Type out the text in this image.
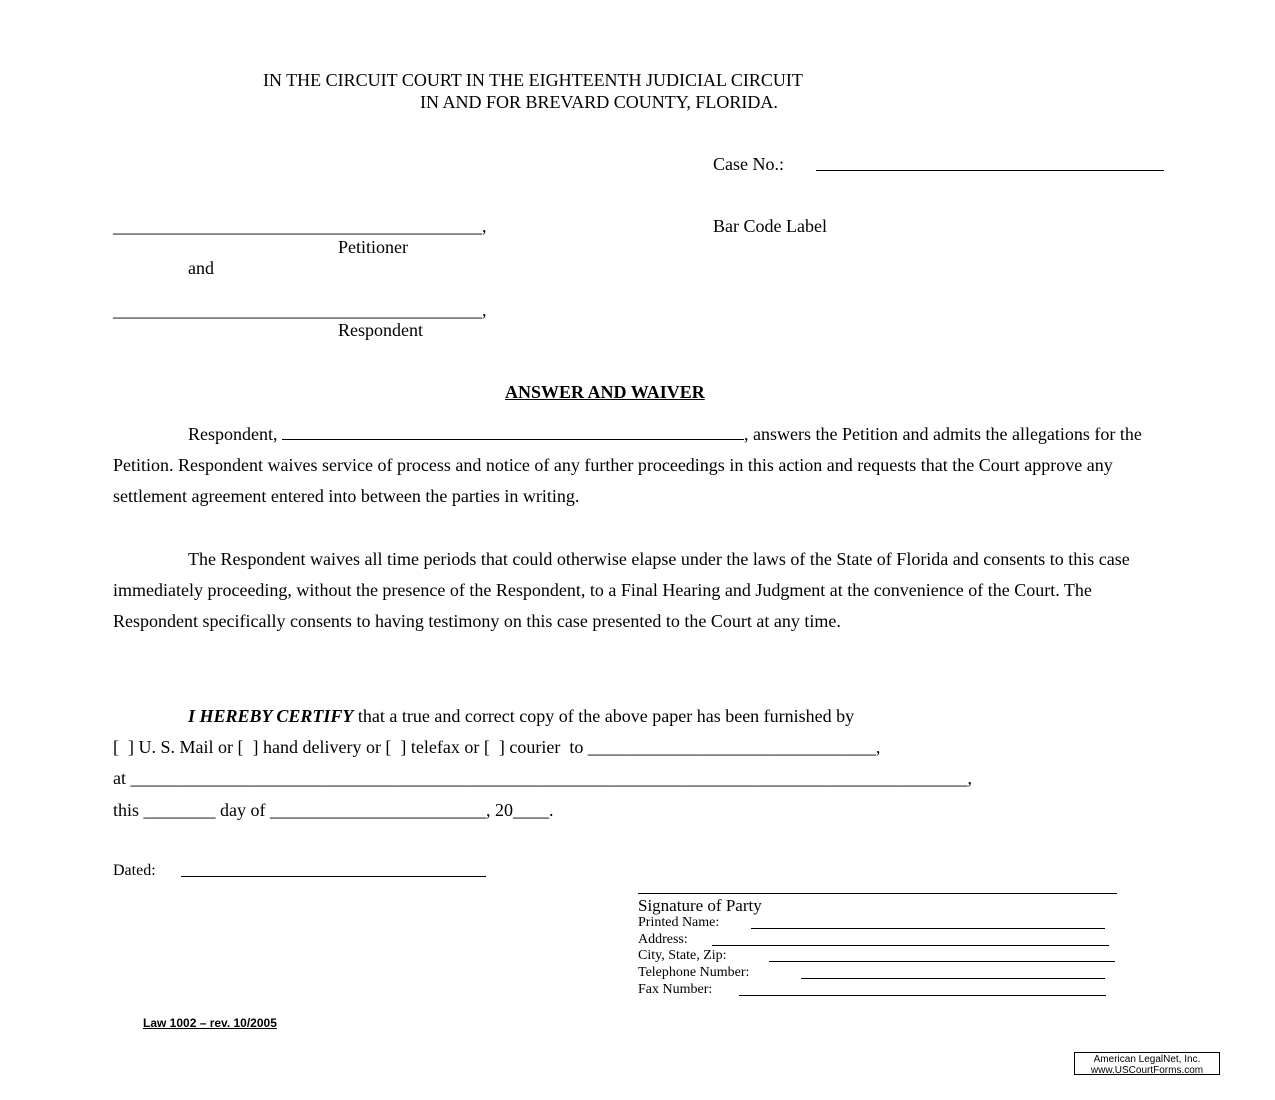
IN THE CIRCUIT COURT IN THE EIGHTEENTH JUDICIAL CIRCUIT
IN AND FOR BREVARD COUNTY, FLORIDA.
Case No.:
Bar Code Label
_________________________________________,
Petitioner
and
_________________________________________,
Respondent
ANSWER AND WAIVER
Respondent,	, answers the Petition and admits the allegations for the Petition. Respondent waives service of process and notice of any further proceedings in this action and requests that the Court approve any settlement agreement entered into between the parties in writing.
The Respondent waives all time periods that could otherwise elapse under the laws of the State of Florida and consents to this case immediately proceeding, without the presence of the Respondent, to a Final Hearing and Judgment at the convenience of the Court. The Respondent specifically consents to having testimony on this case presented to the Court at any time.
I HEREBY CERTIFY that a true and correct copy of the above paper has been furnished by
[  ] U. S. Mail or [  ] hand delivery or [  ] telefax or [  ] courier  to ________________________________,
at _____________________________________________________________________________________________,
this ________ day of ________________________, 20____.
Dated:
Signature of Party
Printed Name:
Address:
City, State, Zip:
Telephone Number:
Fax Number:
Law 1002 – rev. 10/2005
American LegalNet, Inc.
www.USCourtForms.com
